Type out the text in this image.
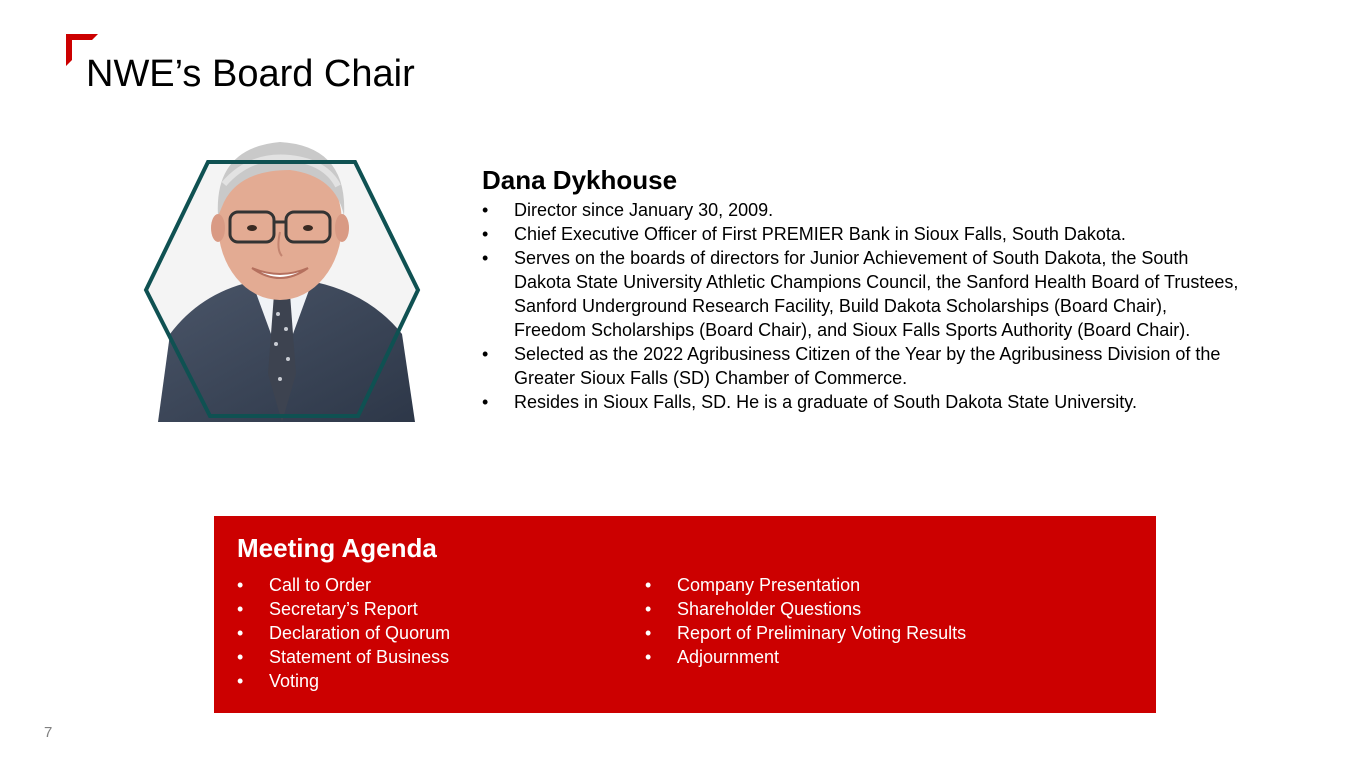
NWE’s Board Chair
Dana Dykhouse
• Director since January 30, 2009.
• Chief Executive Officer of First PREMIER Bank in Sioux Falls, South Dakota.
• Serves on the boards of directors for Junior Achievement of South Dakota, the South Dakota State University Athletic Champions Council, the Sanford Health Board of Trustees, Sanford Underground Research Facility, Build Dakota Scholarships (Board Chair), Freedom Scholarships (Board Chair), and Sioux Falls Sports Authority (Board Chair).
• Selected as the 2022 Agribusiness Citizen of the Year by the Agribusiness Division of the Greater Sioux Falls (SD) Chamber of Commerce.
• Resides in Sioux Falls, SD. He is a graduate of South Dakota State University.
Meeting Agenda
• Call to Order
• Secretary’s Report
• Declaration of Quorum
• Statement of Business
• Voting
• Company Presentation
• Shareholder Questions
• Report of Preliminary Voting Results
• Adjournment
7
